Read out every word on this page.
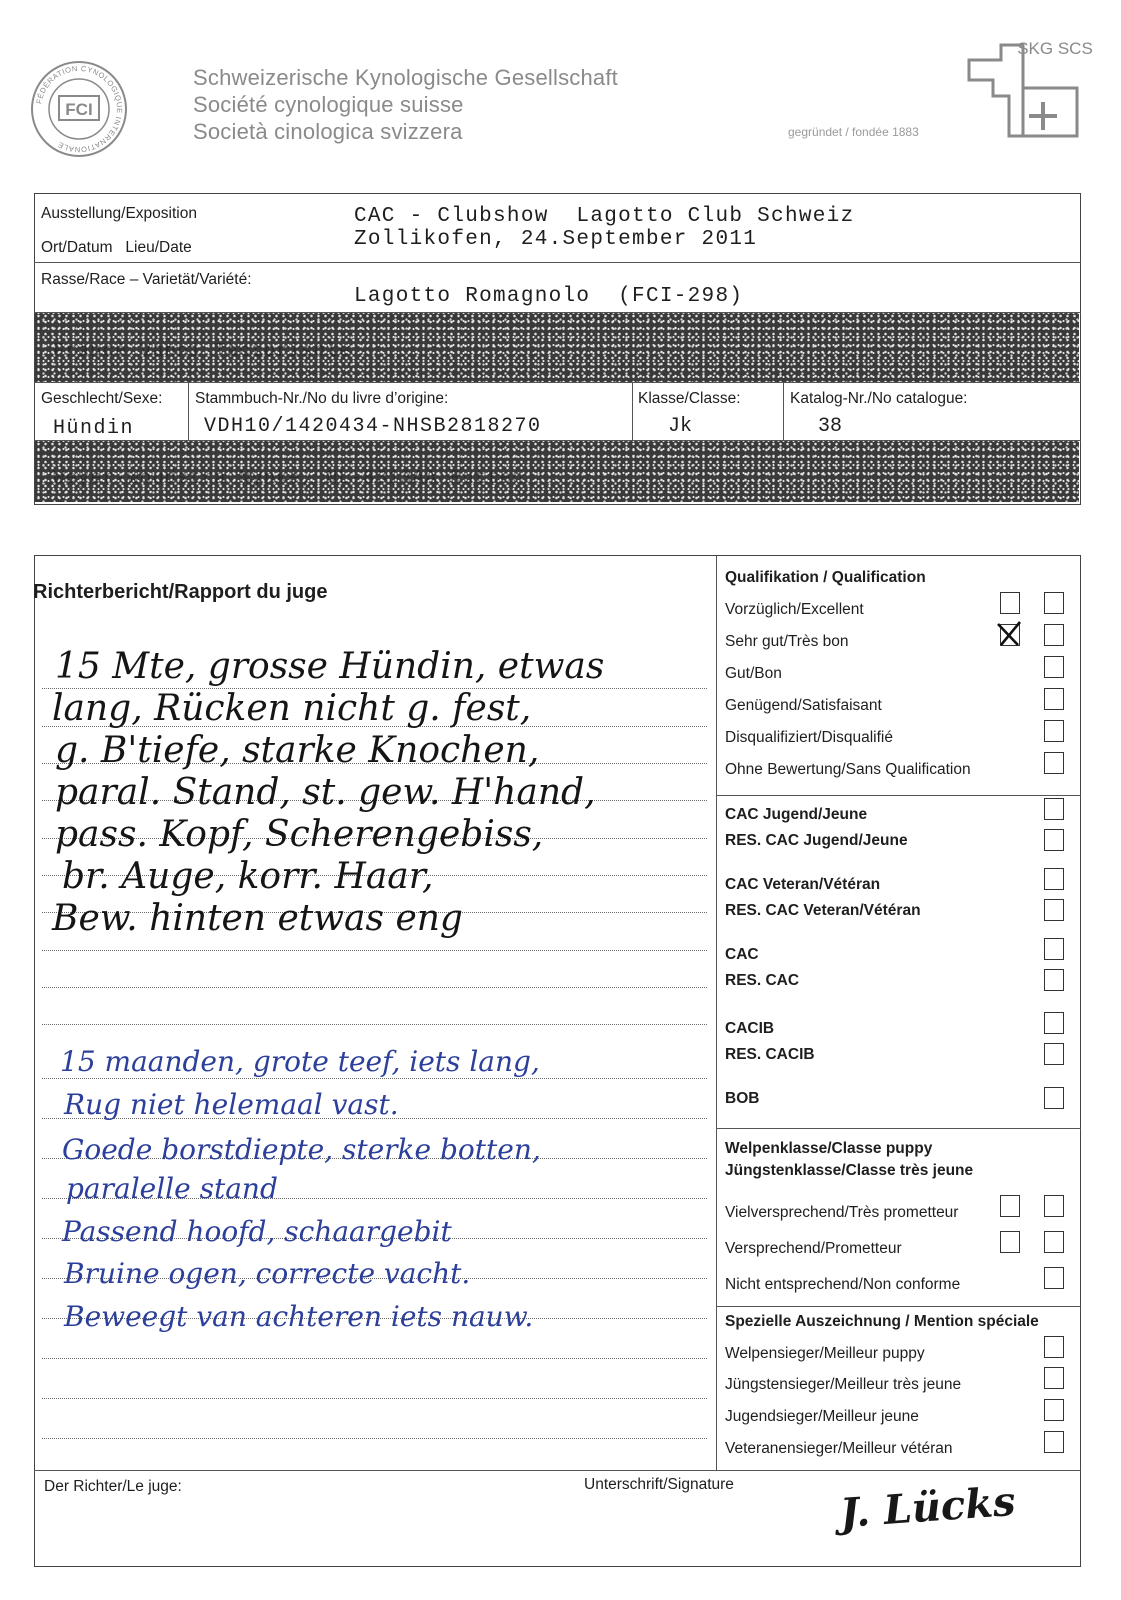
FÉDÉRATION CYNOLOGIQUE INTERNATIONALE
FCI
Schweizerische Kynologische Gesellschaft
Société cynologique suisse
Società cinologica svizzera	gegründet / fondée 1883
SKG SCS
Ausstellung/Exposition
Ort/Datum   Lieu/Date
CAC - Clubshow  Lagotto Club Schweiz
Zollikofen, 24.September 2011
Rasse/Race – Varietät/Variété:
Lagotto Romagnolo  (FCI-298)
Francè Vanni Tactorisole
Geschlecht/Sexe:
Hündin
Stammbuch-Nr./No du livre d’origine:
VDH10/1420434-NHSB2818270
Klasse/Classe:
Jk
Katalog-Nr./No catalogue:
38
Weyer-Woudstra Nynke, NL-8313AA Rutten
Richterbericht/Rapport du juge
15 Mte, grosse Hündin, etwas
lang, Rücken nicht g. fest,
g. B'tiefe, starke Knochen,
paral. Stand, st. gew. H'hand,
pass. Kopf, Scherengebiss,
br. Auge, korr. Haar,
Bew. hinten etwas eng
15 maanden, grote teef, iets lang,
Rug niet helemaal vast.
Goede borstdiepte, sterke botten,
paralelle stand
Passend hoofd, schaargebit
Bruine ogen, correcte vacht.
Beweegt van achteren iets nauw.
Qualifikation / Qualification
Vorzüglich/Excellent
Sehr gut/Très bon
Gut/Bon
Genügend/Satisfaisant
Disqualifiziert/Disqualifié
Ohne Bewertung/Sans Qualification
CAC Jugend/Jeune
RES. CAC Jugend/Jeune
CAC Veteran/Vétéran
RES. CAC Veteran/Vétéran
CAC
RES. CAC
CACIB
RES. CACIB
BOB
Welpenklasse/Classe puppy
Jüngstenklasse/Classe très jeune
Vielversprechend/Très prometteur
Versprechend/Prometteur
Nicht entsprechend/Non conforme
Spezielle Auszeichnung / Mention spéciale
Welpensieger/Meilleur puppy
Jüngstensieger/Meilleur très jeune
Jugendsieger/Meilleur jeune
Veteranensieger/Meilleur vétéran
Der Richter/Le juge:	Unterschrift/Signature	J. Lücks
